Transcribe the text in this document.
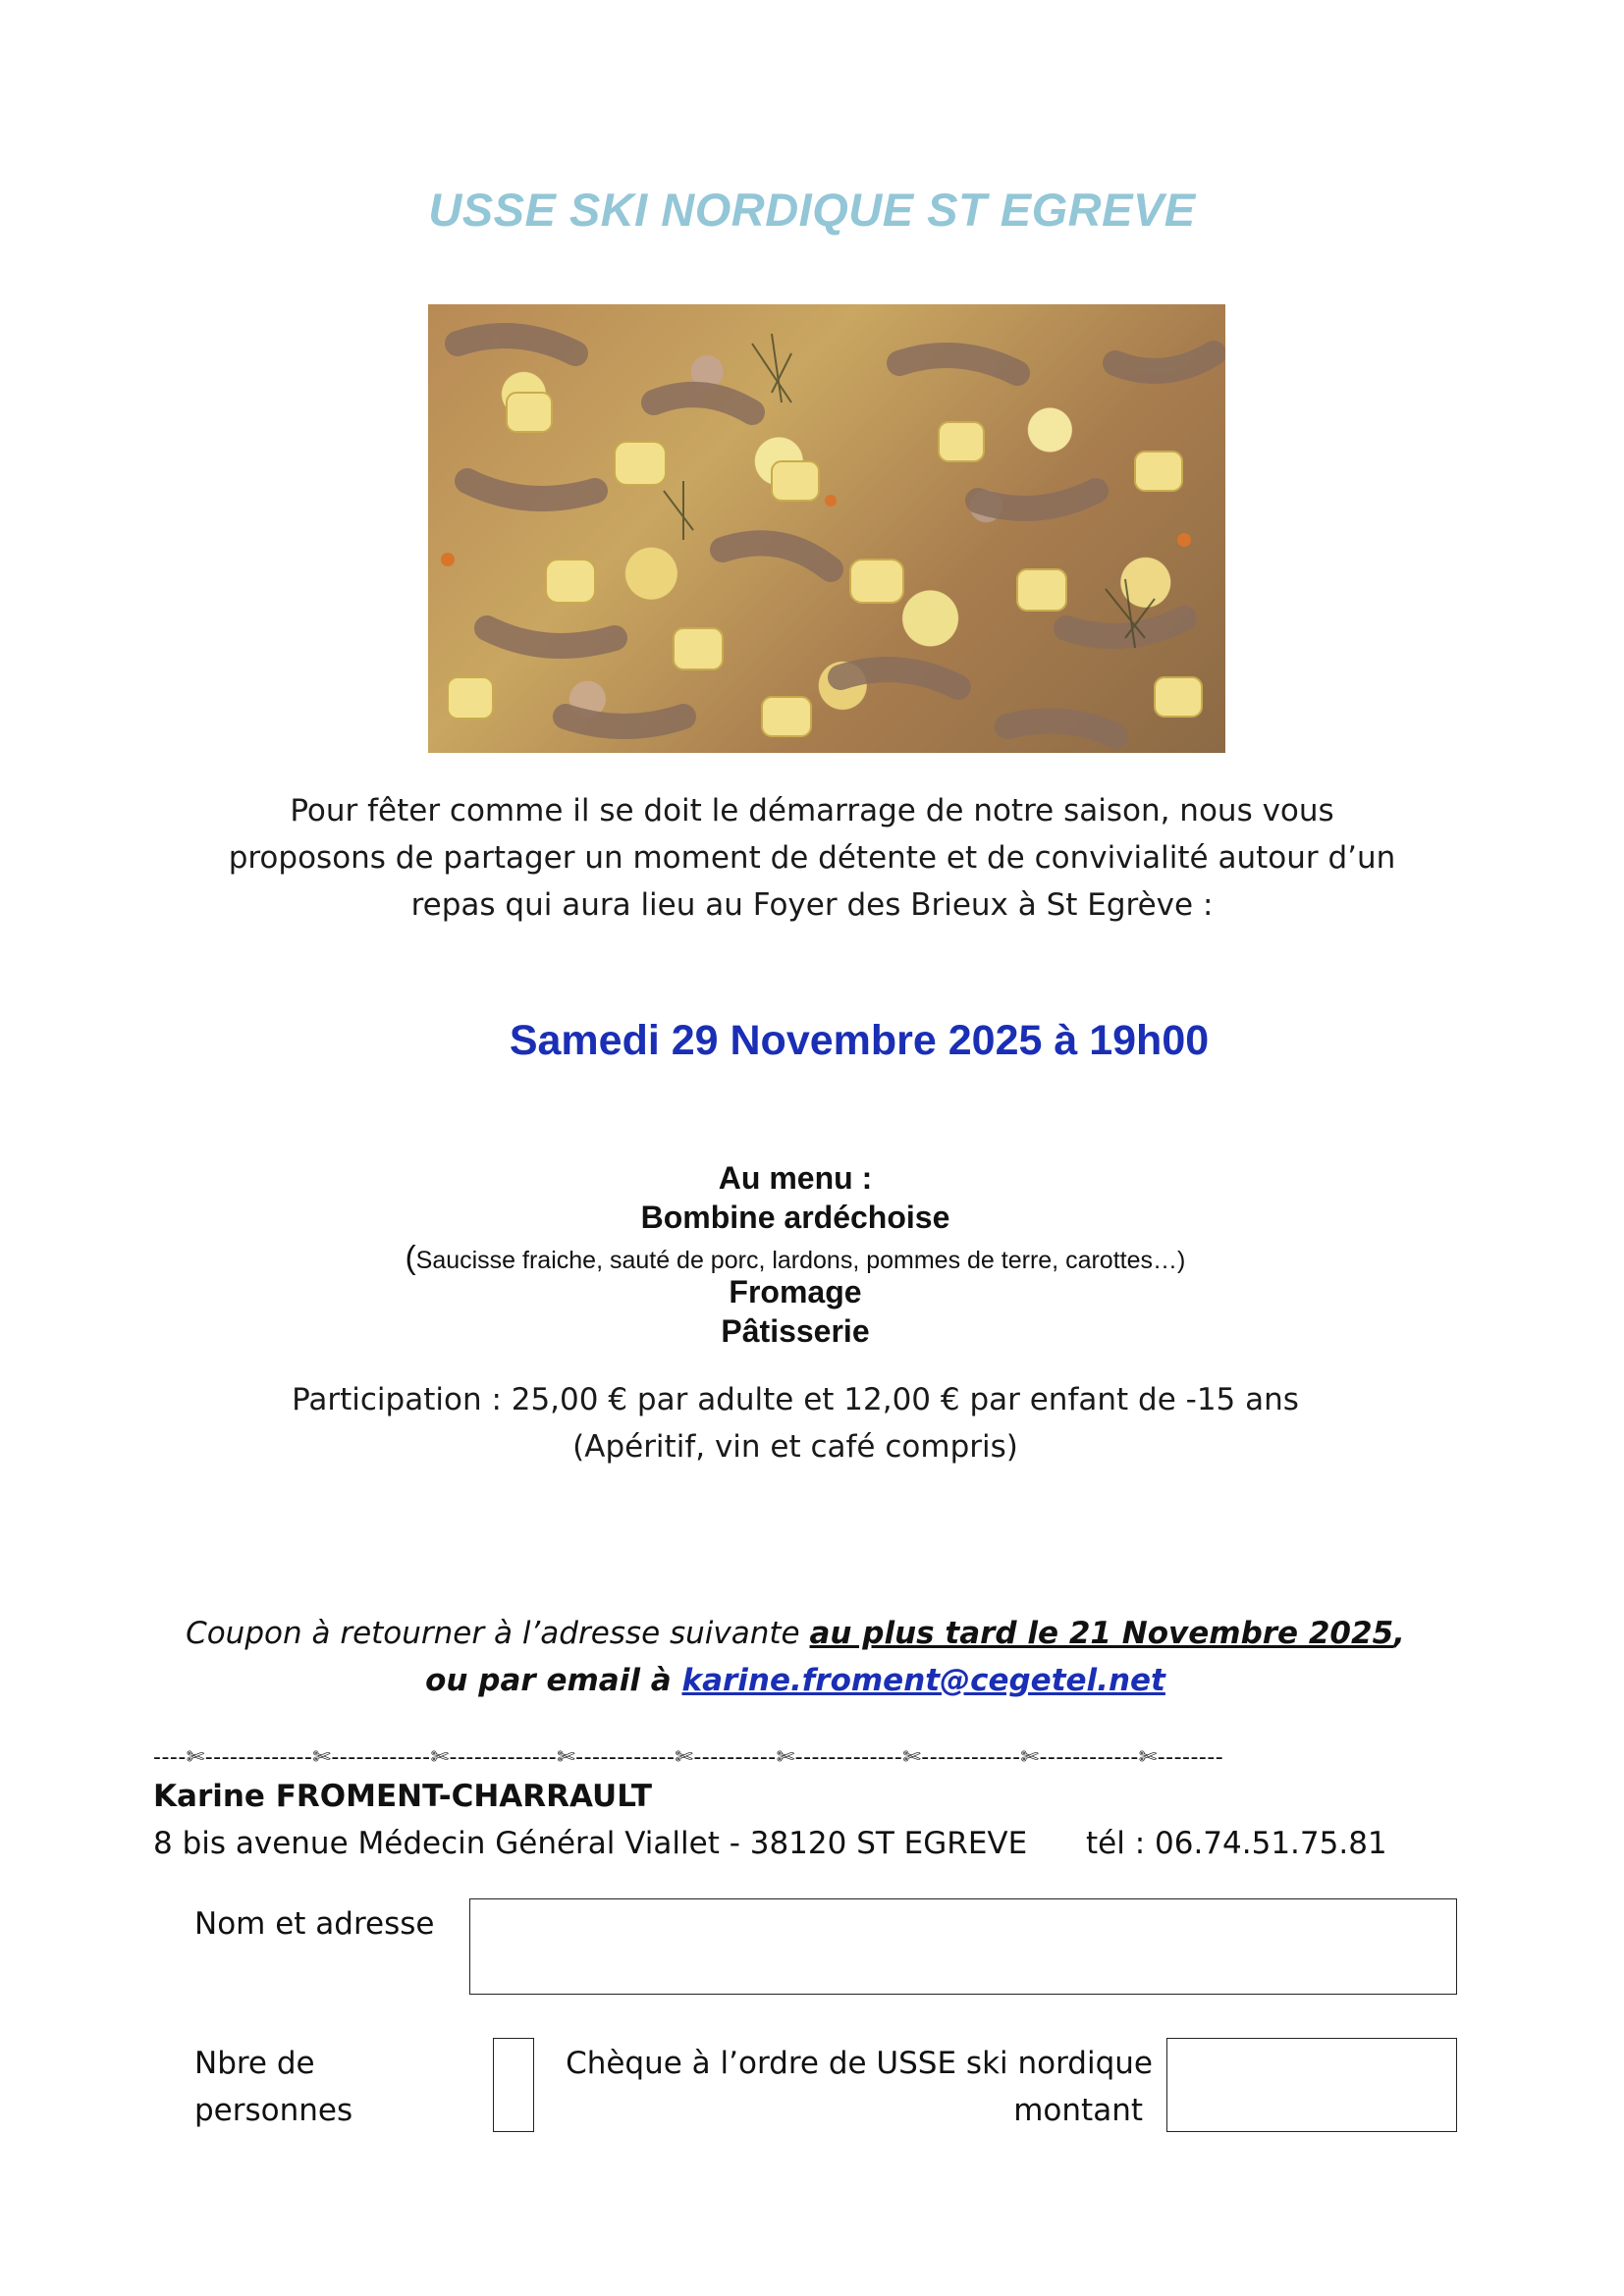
USSE SKI NORDIQUE ST EGREVE
Pour fêter comme il se doit le démarrage de notre saison, nous vous
proposons de partager un moment de détente et de convivialité autour d’un
repas qui aura lieu au Foyer des Brieux à St Egrève :
Samedi 29 Novembre 2025 à 19h00
Au menu :
Bombine ardéchoise
(Saucisse fraiche, sauté de porc, lardons, pommes de terre, carottes…)
Fromage
Pâtisserie
Participation : 25,00 € par adulte et 12,00 € par enfant de -15 ans
(Apéritif, vin et café compris)
Coupon à retourner à l’adresse suivante au plus tard le 21 Novembre 2025,
ou par email à karine.froment@cegetel.net
----✄-------------✄------------✄-------------✄------------✄----------✄-------------✄------------✄------------✄--------
Karine FROMENT-CHARRAULT
8 bis avenue Médecin Général Viallet - 38120 ST EGREVE tél : 06.74.51.75.81
Nom et adresse
Nbre de
personnes
Chèque à l’ordre de USSE ski nordique
montant
